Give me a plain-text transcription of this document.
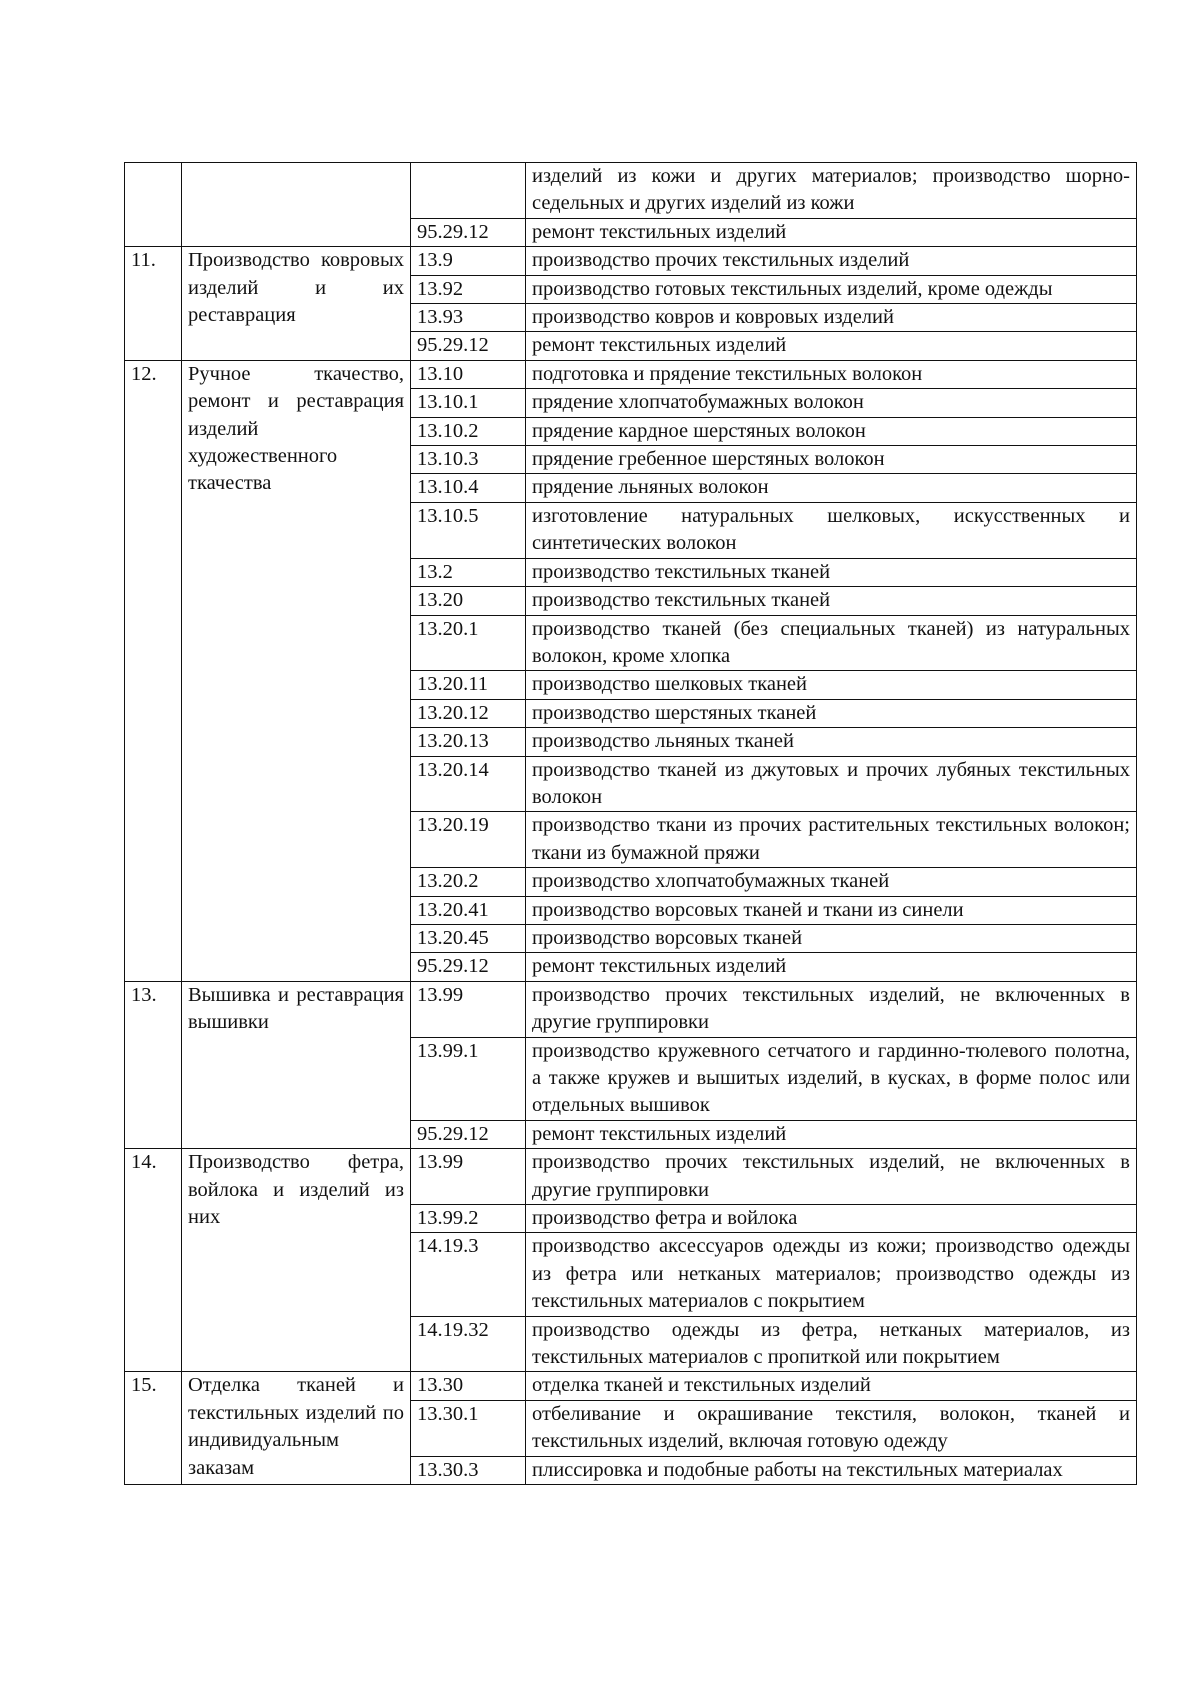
			изделий из кожи и других материалов; производство шорно-седельных и других изделий из кожи
		95.29.12	ремонт текстильных изделий
11.	Производство ковровых изделий и их реставрация	13.9	производство прочих текстильных изделий
		13.92	производство готовых текстильных изделий, кроме одежды
		13.93	производство ковров и ковровых изделий
		95.29.12	ремонт текстильных изделий
12.	Ручное ткачество, ремонт и реставрация изделий художественного ткачества	13.10	подготовка и прядение текстильных волокон
		13.10.1	прядение хлопчатобумажных волокон
		13.10.2	прядение кардное шерстяных волокон
		13.10.3	прядение гребенное шерстяных волокон
		13.10.4	прядение льняных волокон
		13.10.5	изготовление натуральных шелковых, искусственных и синтетических волокон
		13.2	производство текстильных тканей
		13.20	производство текстильных тканей
		13.20.1	производство тканей (без специальных тканей) из натуральных волокон, кроме хлопка
		13.20.11	производство шелковых тканей
		13.20.12	производство шерстяных тканей
		13.20.13	производство льняных тканей
		13.20.14	производство тканей из джутовых и прочих лубяных текстильных волокон
		13.20.19	производство ткани из прочих растительных текстильных волокон; ткани из бумажной пряжи
		13.20.2	производство хлопчатобумажных тканей
		13.20.41	производство ворсовых тканей и ткани из синели
		13.20.45	производство ворсовых тканей
		95.29.12	ремонт текстильных изделий
13.	Вышивка и реставрация вышивки	13.99	производство прочих текстильных изделий, не включенных в другие группировки
		13.99.1	производство кружевного сетчатого и гардинно-тюлевого полотна, а также кружев и вышитых изделий, в кусках, в форме полос или отдельных вышивок
		95.29.12	ремонт текстильных изделий
14.	Производство фетра, войлока и изделий из них	13.99	производство прочих текстильных изделий, не включенных в другие группировки
		13.99.2	производство фетра и войлока
		14.19.3	производство аксессуаров одежды из кожи; производство одежды из фетра или нетканых материалов; производство одежды из текстильных материалов с покрытием
		14.19.32	производство одежды из фетра, нетканых материалов, из текстильных материалов с пропиткой или покрытием
15.	Отделка тканей и текстильных изделий по индивидуальным заказам	13.30	отделка тканей и текстильных изделий
		13.30.1	отбеливание и окрашивание текстиля, волокон, тканей и текстильных изделий, включая готовую одежду
		13.30.3	плиссировка и подобные работы на текстильных материалах
